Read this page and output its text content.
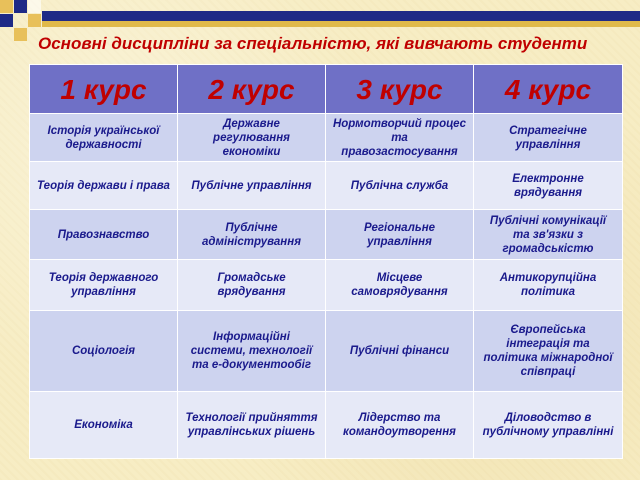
Основні дисципліни за спеціальністю, які вивчають студенти
1 курс	2 курс	3 курс	4 курс
Історія української державності	Державне регулювання економіки	Нормотворчий процес та правозастосування	Стратегічне управління
Теорія держави і права	Публічне управління	Публічна служба	Електронне врядування
Правознавство	Публічне адміністрування	Регіональне управління	Публічні комунікації та зв'язки з громадськістю
Теорія державного управління	Громадське врядування	Місцеве самоврядування	Антикорупційна політика
Соціологія	Інформаційні системи, технології та е-документообіг	Публічні фінанси	Європейська інтеграція та політика міжнародної співпраці
Економіка	Технології прийняття управлінських рішень	Лідерство та командоутворення	Діловодство в публічному управлінні
